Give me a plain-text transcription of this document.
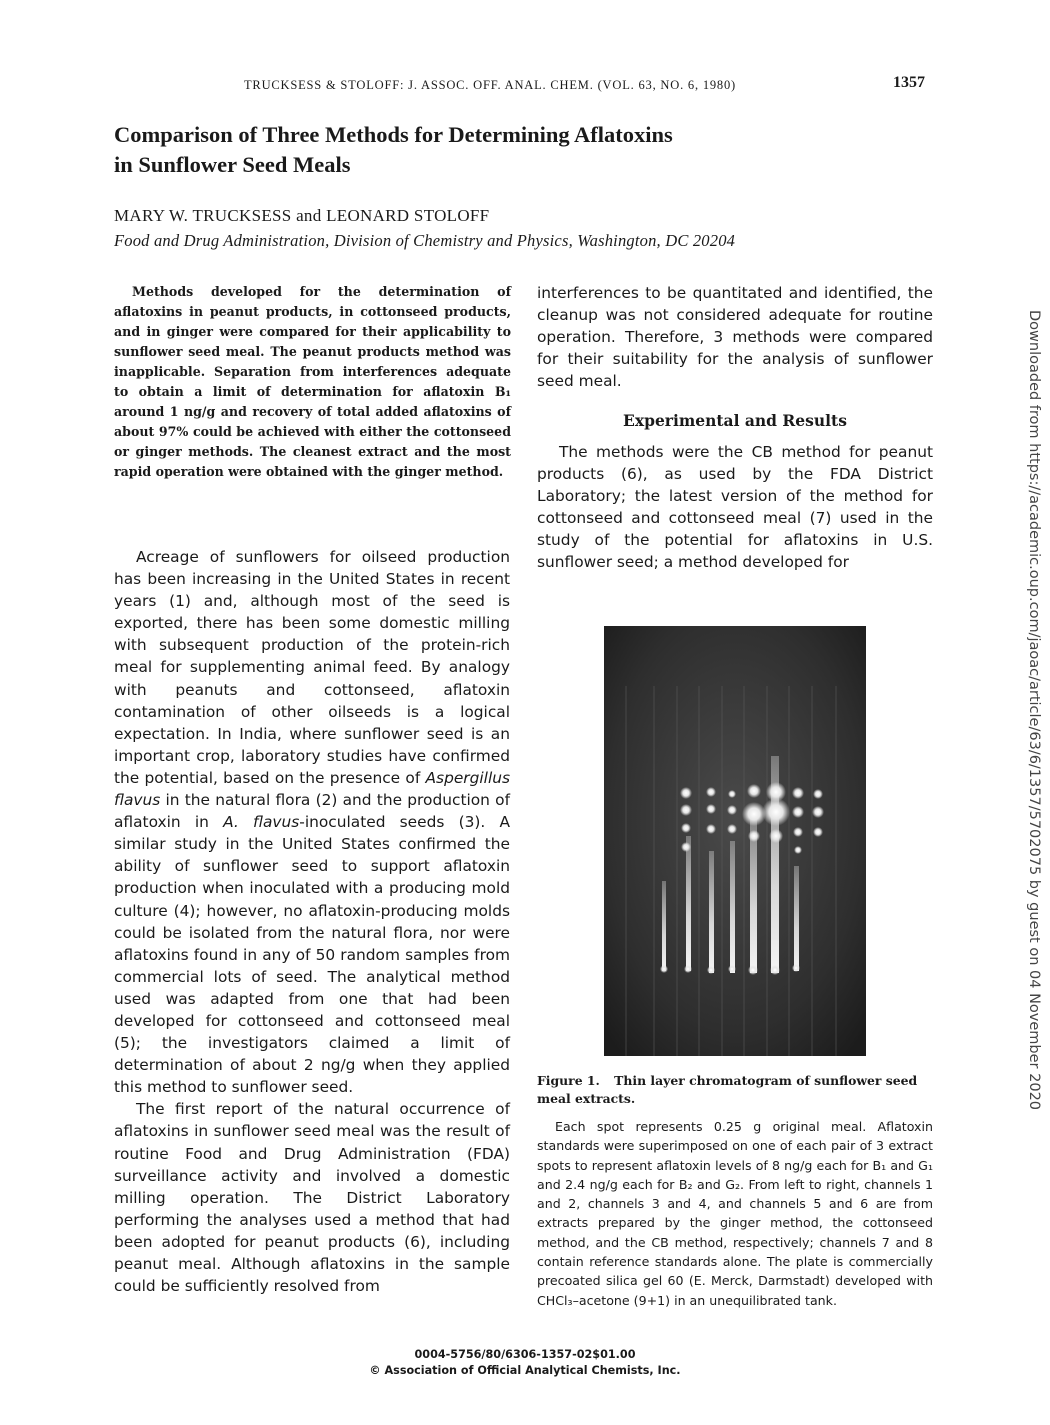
TRUCKSESS & STOLOFF: J. ASSOC. OFF. ANAL. CHEM. (VOL. 63, NO. 6, 1980)	1357
Comparison of Three Methods for Determining Aflatoxins
in Sunflower Seed Meals
MARY W. TRUCKSESS and LEONARD STOLOFF
Food and Drug Administration, Division of Chemistry and Physics, Washington, DC 20204

Methods developed for the determination of aflatoxins in peanut products, in cottonseed products, and in ginger were compared for their applicability to sunflower seed meal. The peanut products method was inapplicable. Separation from interferences adequate to obtain a limit of determination for aflatoxin B₁ around 1 ng/g and recovery of total added aflatoxins of about 97% could be achieved with either the cottonseed or ginger methods. The cleanest extract and the most rapid operation were obtained with the ginger method.

Acreage of sunflowers for oilseed production has been increasing in the United States in recent years (1) and, although most of the seed is exported, there has been some domestic milling with subsequent production of the protein-rich meal for supplementing animal feed. By analogy with peanuts and cottonseed, aflatoxin contamination of other oilseeds is a logical expectation. In India, where sunflower seed is an important crop, laboratory studies have confirmed the potential, based on the presence of Aspergillus flavus in the natural flora (2) and the production of aflatoxin in A. flavus-inoculated seeds (3). A similar study in the United States confirmed the ability of sunflower seed to support aflatoxin production when inoculated with a producing mold culture (4); however, no aflatoxin-producing molds could be isolated from the natural flora, nor were aflatoxins found in any of 50 random samples from commercial lots of seed. The analytical method used was adapted from one that had been developed for cottonseed and cottonseed meal (5); the investigators claimed a limit of determination of about 2 ng/g when they applied this method to sunflower seed.

The first report of the natural occurrence of aflatoxins in sunflower seed meal was the result of routine Food and Drug Administration (FDA) surveillance activity and involved a domestic milling operation. The District Laboratory performing the analyses used a method that had been adopted for peanut products (6), including peanut meal. Although aflatoxins in the sample could be sufficiently resolved from

interferences to be quantitated and identified, the cleanup was not considered adequate for routine operation. Therefore, 3 methods were compared for their suitability for the analysis of sunflower seed meal.

Experimental and Results

The methods were the CB method for peanut products (6), as used by the FDA District Laboratory; the latest version of the method for cottonseed and cottonseed meal (7) used in the study of the potential for aflatoxins in U.S. sunflower seed; a method developed for

Figure 1. Thin layer chromatogram of sunflower seed meal extracts.

Each spot represents 0.25 g original meal. Aflatoxin standards were superimposed on one of each pair of 3 extract spots to represent aflatoxin levels of 8 ng/g each for B₁ and G₁ and 2.4 ng/g each for B₂ and G₂. From left to right, channels 1 and 2, channels 3 and 4, and channels 5 and 6 are from extracts prepared by the ginger method, the cottonseed method, and the CB method, respectively; channels 7 and 8 contain reference standards alone. The plate is commercially precoated silica gel 60 (E. Merck, Darmstadt) developed with CHCl₃–acetone (9+1) in an unequilibrated tank.

0004-5756/80/6306-1357-02$01.00
© Association of Official Analytical Chemists, Inc.
Downloaded from https://academic.oup.com/jaoac/article/63/6/1357/5702075 by guest on 04 November 2020
